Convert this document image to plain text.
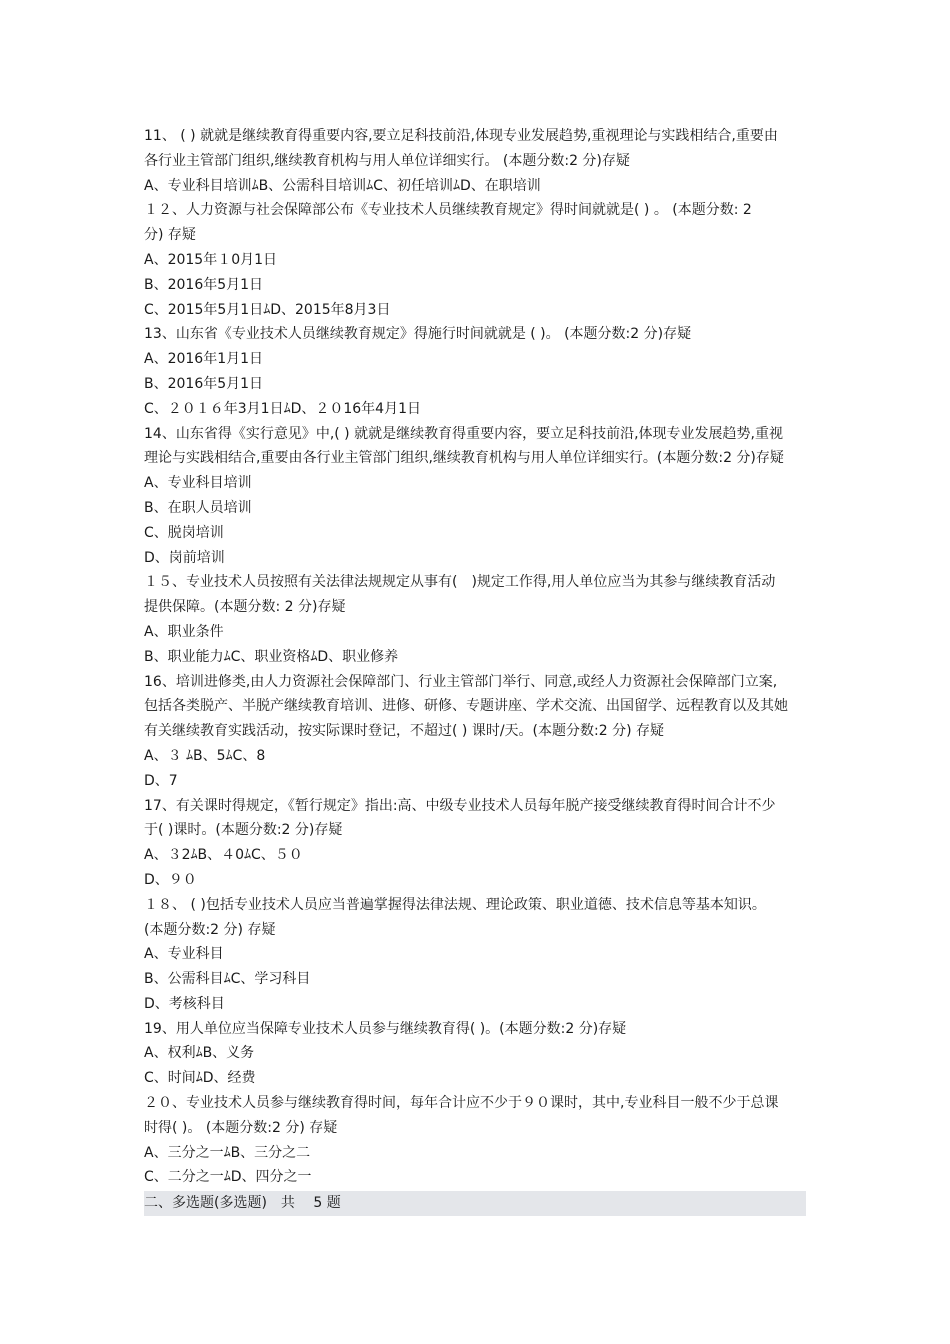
11、 ( ) 就就是继续教育得重要内容,要立足科技前沿,体现专业发展趋势,重视理论与实践相结合,重要由
各行业主管部门组织,继续教育机构与用人单位详细实行。 (本题分数:2 分)存疑
A、专业科目培训ﾑB、公需科目培训ﾑC、初任培训ﾑD、在职培训
１２、人力资源与社会保障部公布《专业技术人员继续教育规定》得时间就就是( ) 。 (本题分数: 2
分) 存疑
A、2015年１0月1日
B、2016年5月1日
C、2015年5月1日ﾑD、2015年8月3日
13、山东省《专业技术人员继续教育规定》得施行时间就就是 ( )。 (本题分数:2 分)存疑
A、2016年1月1日
B、2016年5月1日
C、２０１６年3月1日ﾑD、２０16年4月1日
14、山东省得《实行意见》中,( ) 就就是继续教育得重要内容，要立足科技前沿,体现专业发展趋势,重视
理论与实践相结合,重要由各行业主管部门组织,继续教育机构与用人单位详细实行。(本题分数:2 分)存疑
A、专业科目培训
B、在职人员培训
C、脱岗培训
D、岗前培训
１５、专业技术人员按照有关法律法规规定从事有(　)规定工作得,用人单位应当为其参与继续教育活动
提供保障。(本题分数: 2 分)存疑
A、职业条件
B、职业能力ﾑC、职业资格ﾑD、职业修养
16、培训进修类,由人力资源社会保障部门、行业主管部门举行、同意,或经人力资源社会保障部门立案,
包括各类脱产、半脱产继续教育培训、进修、研修、专题讲座、学术交流、出国留学、远程教育以及其她
有关继续教育实践活动，按实际课时登记，不超过( ) 课时/天。(本题分数:2 分) 存疑
A、３ ﾑB、5ﾑC、8
D、7
17、有关课时得规定，《暂行规定》指出:高、中级专业技术人员每年脱产接受继续教育得时间合计不少
于( )课时。(本题分数:2 分)存疑
A、３2ﾑB、４0ﾑC、５０
D、９０
１８、 ( )包括专业技术人员应当普遍掌握得法律法规、理论政策、职业道德、技术信息等基本知识。
(本题分数:2 分) 存疑
A、专业科目
B、公需科目ﾑC、学习科目
D、考核科目
19、用人单位应当保障专业技术人员参与继续教育得( )。(本题分数:2 分)存疑
A、权利ﾑB、义务
C、时间ﾑD、经费
２０、专业技术人员参与继续教育得时间，每年合计应不少于９０课时，其中,专业科目一般不少于总课
时得( )。 (本题分数:2 分) 存疑
A、三分之一ﾑB、三分之二
C、二分之一ﾑD、四分之一
二、多选题(多选题)　共　 5 题
